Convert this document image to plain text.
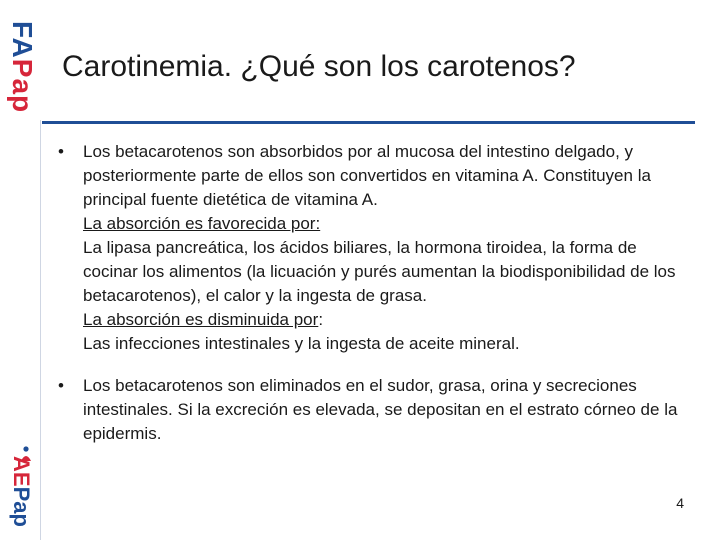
FAPap
AEPap
Carotinemia. ¿Qué son los carotenos?
•	Los betacarotenos son absorbidos por al mucosa del intestino delgado, y posteriormente parte de ellos son convertidos en vitamina A. Constituyen la principal fuente dietética de vitamina A.
La absorción es favorecida por:
La lipasa pancreática, los ácidos biliares, la hormona tiroidea, la forma de cocinar los alimentos (la licuación y purés aumentan la biodisponibilidad de los betacarotenos), el calor y la ingesta de grasa.
La absorción es disminuida por:
Las infecciones intestinales y la ingesta de aceite mineral.
•	Los betacarotenos son eliminados en el sudor, grasa, orina y secreciones intestinales. Si la excreción es elevada, se depositan en el estrato córneo de la epidermis.
4
